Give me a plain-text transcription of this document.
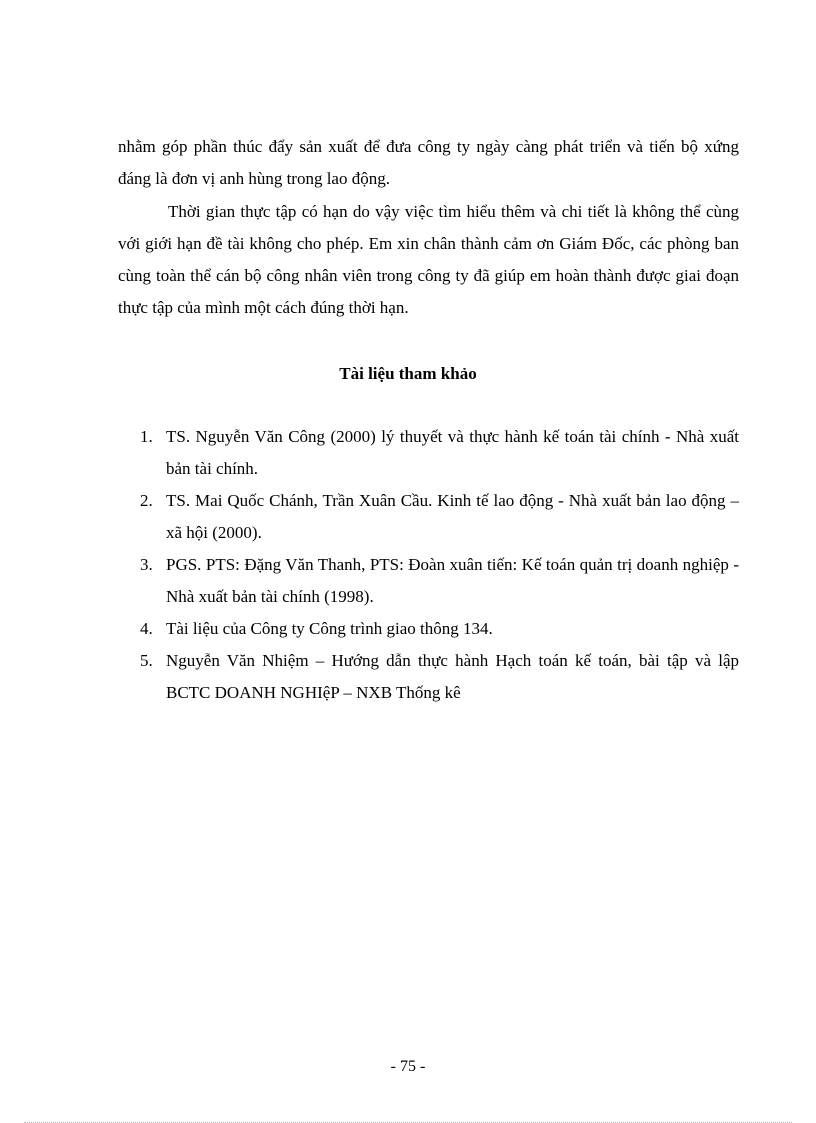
nhằm góp phần thúc đẩy sản xuất để đưa công ty ngày càng phát triển và tiến bộ xứng đáng là đơn vị anh hùng trong lao động.

Thời gian thực tập có hạn do vậy việc tìm hiểu thêm và chi tiết là không thể cùng với giới hạn đề tài không cho phép. Em xin chân thành cảm ơn Giám Đốc, các phòng ban cùng toàn thể cán bộ công nhân viên trong công ty đã giúp em hoàn thành được giai đoạn thực tập của mình một cách đúng thời hạn.

Tài liệu tham khảo
1. TS. Nguyễn Văn Công (2000) lý thuyết và thực hành kế toán tài chính - Nhà xuất bản tài chính.
2. TS. Mai Quốc Chánh, Trần Xuân Cầu. Kinh tế lao động - Nhà xuất bản lao động – xã hội (2000).
3. PGS. PTS: Đặng Văn Thanh, PTS: Đoàn xuân tiến: Kế toán quản trị doanh nghiệp - Nhà xuất bản tài chính (1998).
4. Tài liệu của Công ty Công trình giao thông 134.
5. Nguyễn Văn Nhiệm – Hướng dẫn thực hành Hạch toán kế toán, bài tập và lập BCTC DOANH NGHIệP – NXB Thống kê
- 75 -
